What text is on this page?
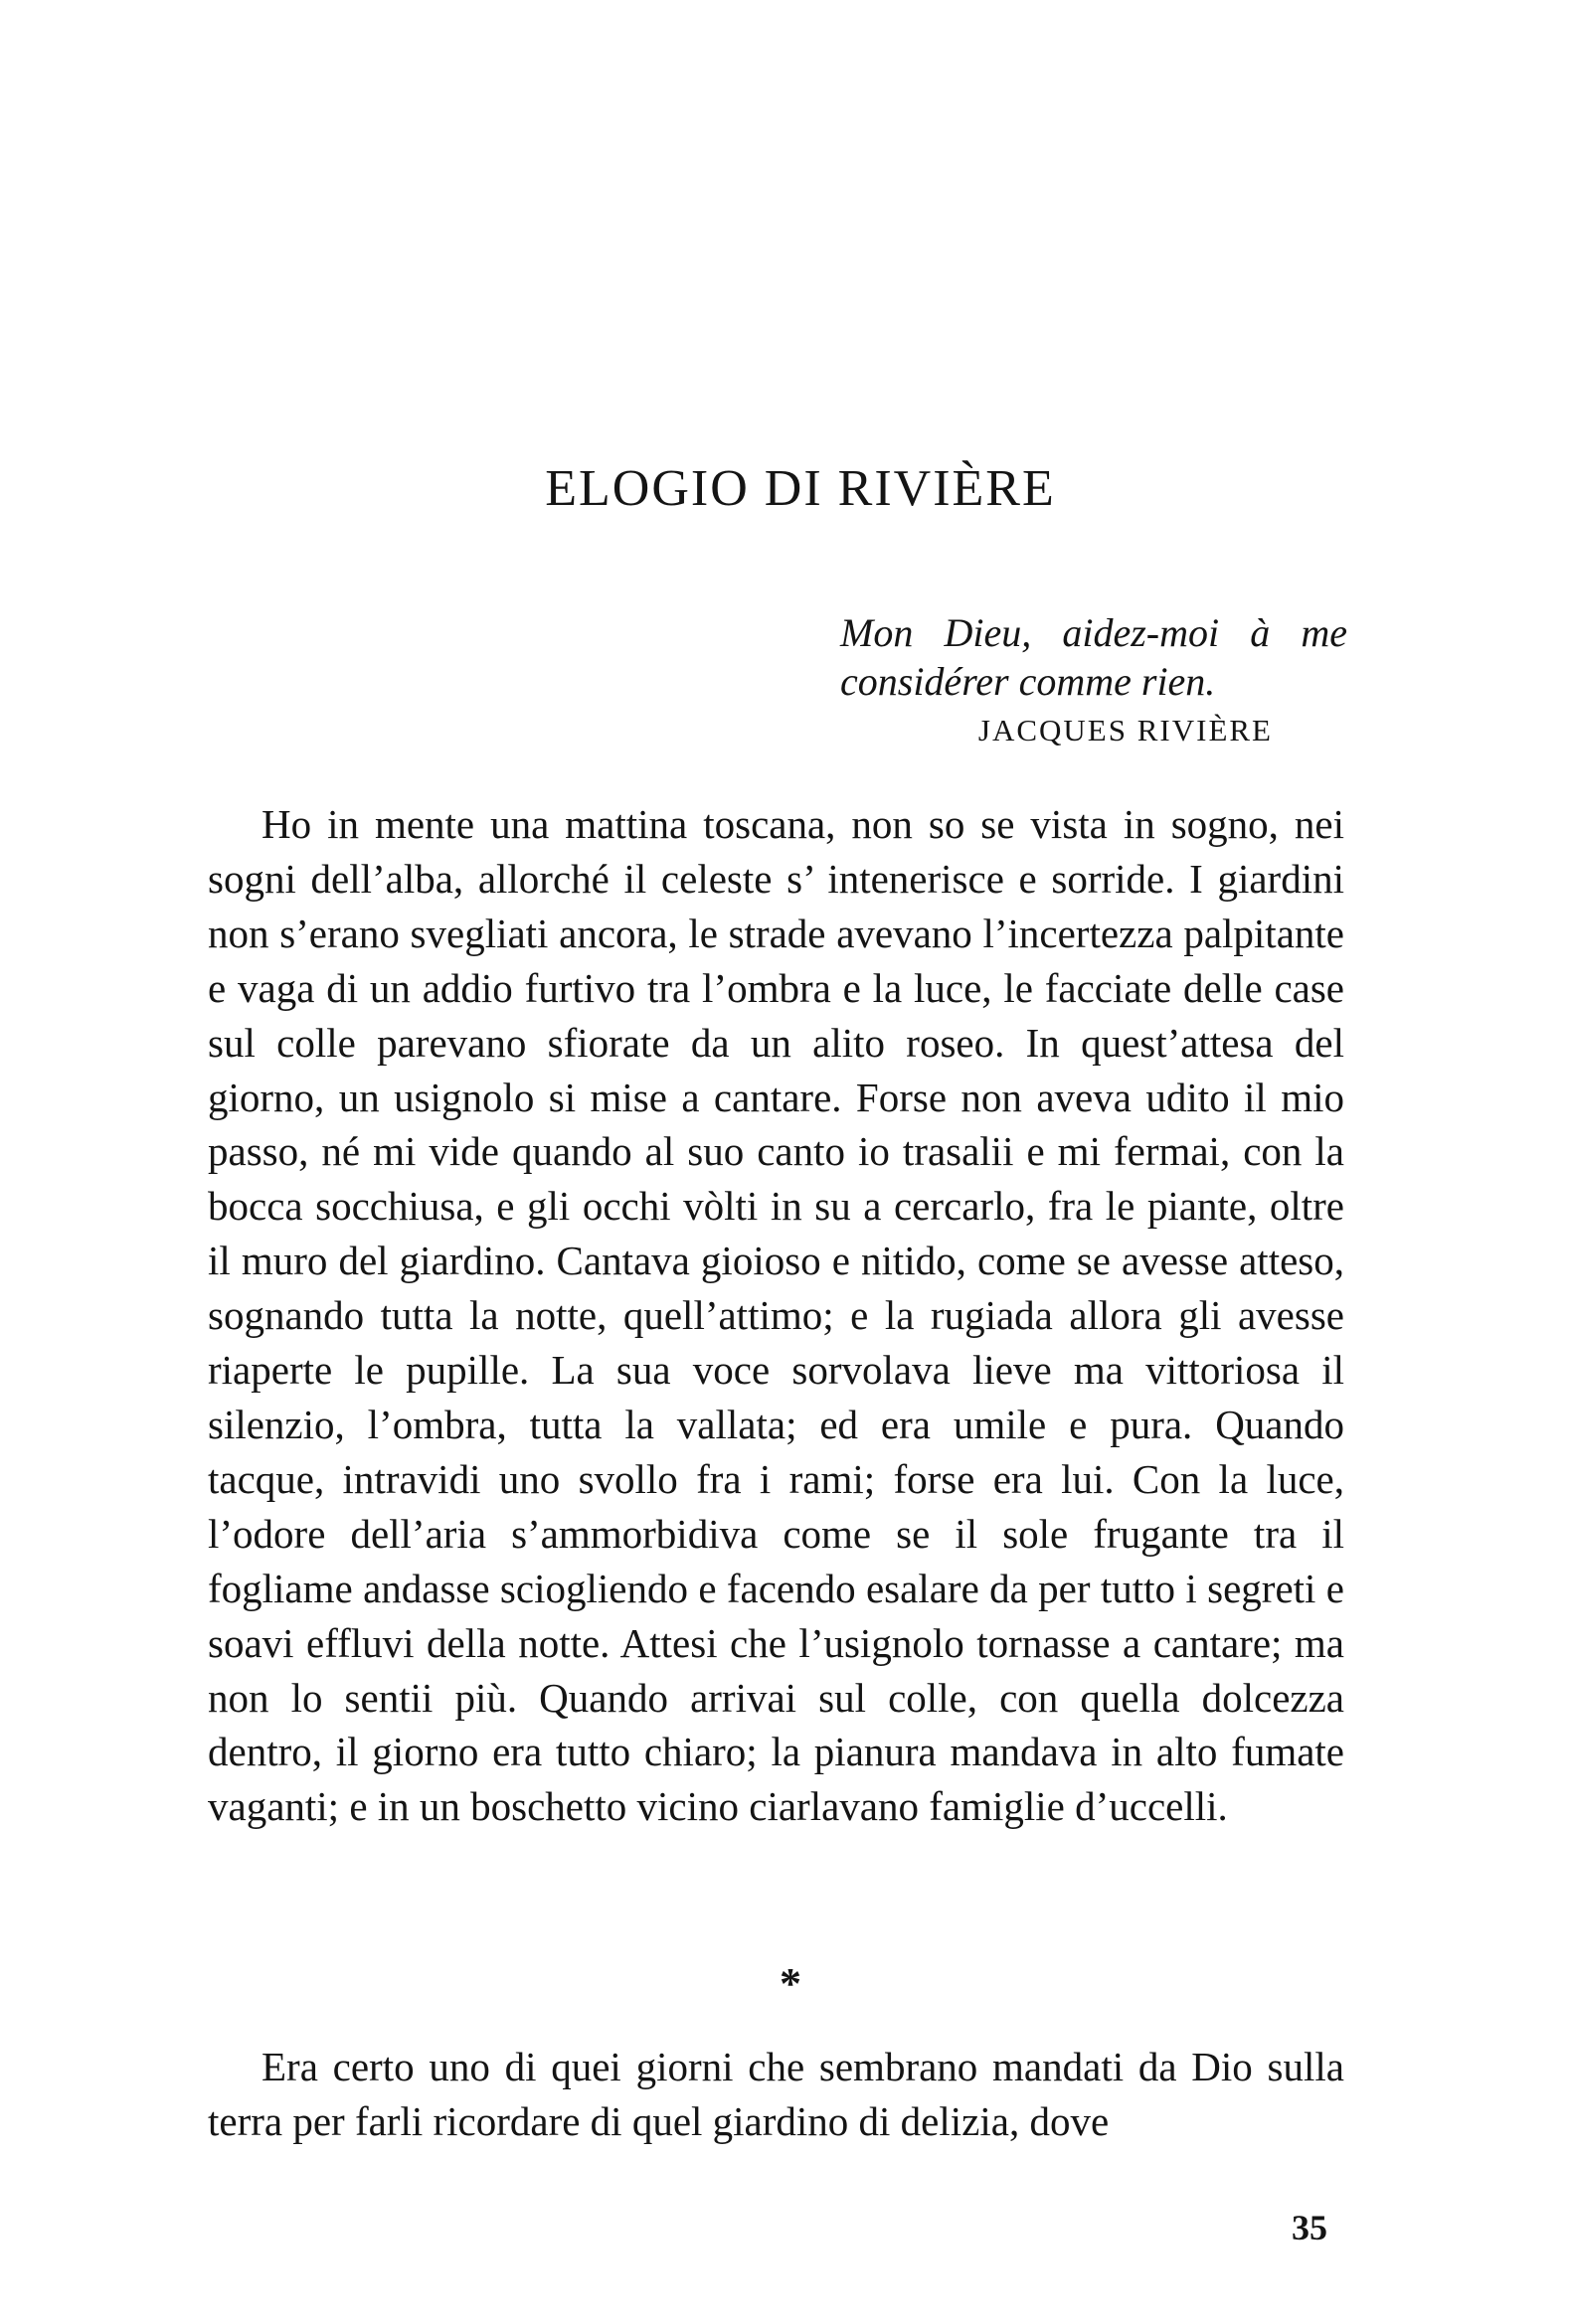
ELOGIO DI RIVIÈRE

Mon Dieu, aidez-moi à me

considérer comme rien.

JACQUES RIVIÈRE

Ho in mente una mattina toscana, non so se vista in sogno, nei sogni dell’alba, allorché il celeste s’ intenerisce e sorride. I giardini non s’erano svegliati ancora, le strade avevano l’incertezza palpitante e vaga di un addio furtivo tra l’ombra e la luce, le facciate delle case sul colle parevano sfiorate da un alito roseo. In quest’attesa del giorno, un usignolo si mise a cantare. Forse non aveva udito il mio passo, né mi vide quando al suo canto io trasalii e mi fermai, con la bocca socchiusa, e gli occhi vòlti in su a cercarlo, fra le piante, oltre il muro del giardino. Cantava gioioso e nitido, come se avesse atteso, sognando tutta la notte, quell’attimo; e la rugiada allora gli avesse riaperte le pupille. La sua voce sorvolava lieve ma vittoriosa il silenzio, l’ombra, tutta la vallata; ed era umile e pura. Quando tacque, intravidi uno svollo fra i rami; forse era lui. Con la luce, l’odore dell’aria s’ammorbidiva come se il sole frugante tra il fogliame andasse sciogliendo e facendo esalare da per tutto i segreti e soavi effluvi della notte. Attesi che l’usignolo tornasse a cantare; ma non lo sentii più. Quando arrivai sul colle, con quella dolcezza dentro, il giorno era tutto chiaro; la pianura mandava in alto fumate vaganti; e in un boschetto vicino ciarlavano famiglie d’uccelli.

*

Era certo uno di quei giorni che sembrano mandati da Dio sulla terra per farli ricordare di quel giardino di delizia, dove

35
